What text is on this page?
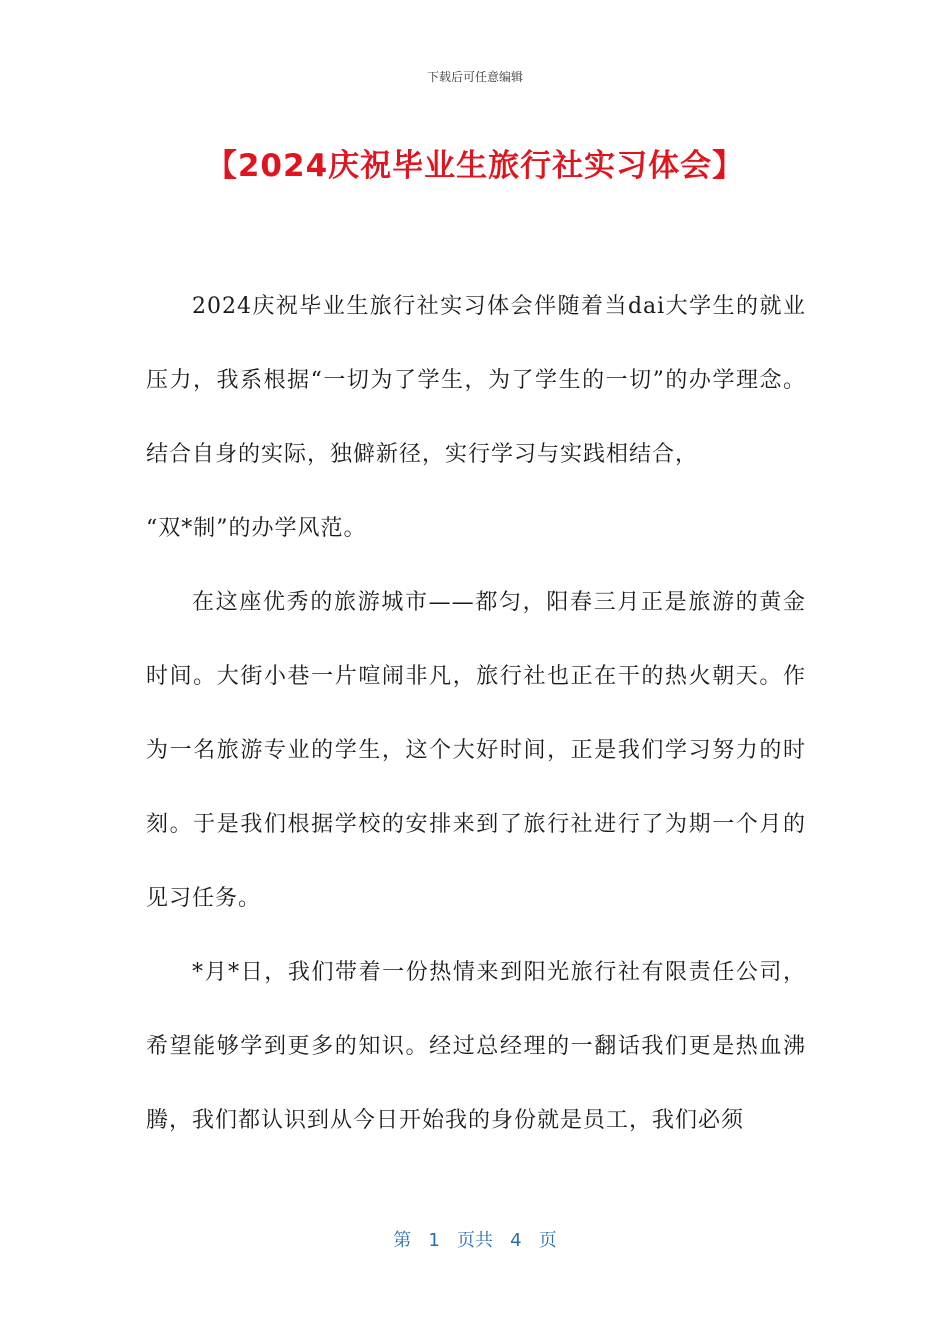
下载后可任意编辑
【2024庆祝毕业生旅行社实习体会】

2024庆祝毕业生旅行社实习体会伴随着当dai大学生的就业压力，我系根据“一切为了学生，为了学生的一切”的办学理念。结合自身的实际，独僻新径，实行学习与实践相结合，

“双*制”的办学风范。

在这座优秀的旅游城市——都匀，阳春三月正是旅游的黄金时间。大街小巷一片喧闹非凡，旅行社也正在干的热火朝天。作为一名旅游专业的学生，这个大好时间，正是我们学习努力的时刻。于是我们根据学校的安排来到了旅行社进行了为期一个月的见习任务。

*月*日，我们带着一份热情来到阳光旅行社有限责任公司，希望能够学到更多的知识。经过总经理的一翻话我们更是热血沸腾，我们都认识到从今日开始我的身份就是员工，我们必须

第 1 页共 4 页
